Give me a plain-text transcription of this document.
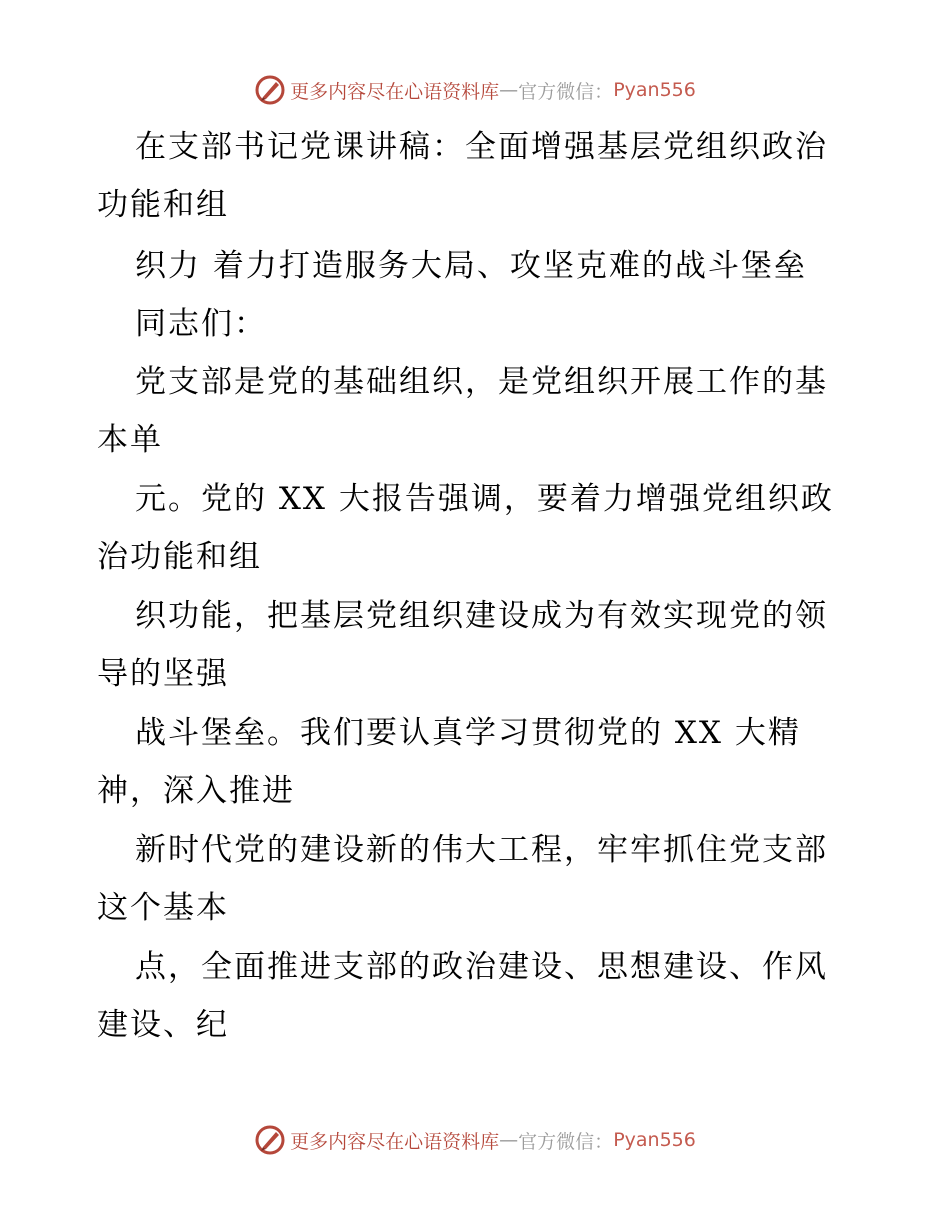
更多内容尽在心语资料库 — 官方微信： Pyan556
在支部书记党课讲稿：全面增强基层党组织政治
功能和组
织力 着力打造服务大局、攻坚克难的战斗堡垒
同志们：
党支部是党的基础组织，是党组织开展工作的基
本单
元。党的 XX 大报告强调，要着力增强党组织政
治功能和组
织功能，把基层党组织建设成为有效实现党的领
导的坚强
战斗堡垒。我们要认真学习贯彻党的 XX 大精
神，深入推进
新时代党的建设新的伟大工程，牢牢抓住党支部
这个基本
点，全面推进支部的政治建设、思想建设、作风
建设、纪
更多内容尽在心语资料库 — 官方微信： Pyan556
